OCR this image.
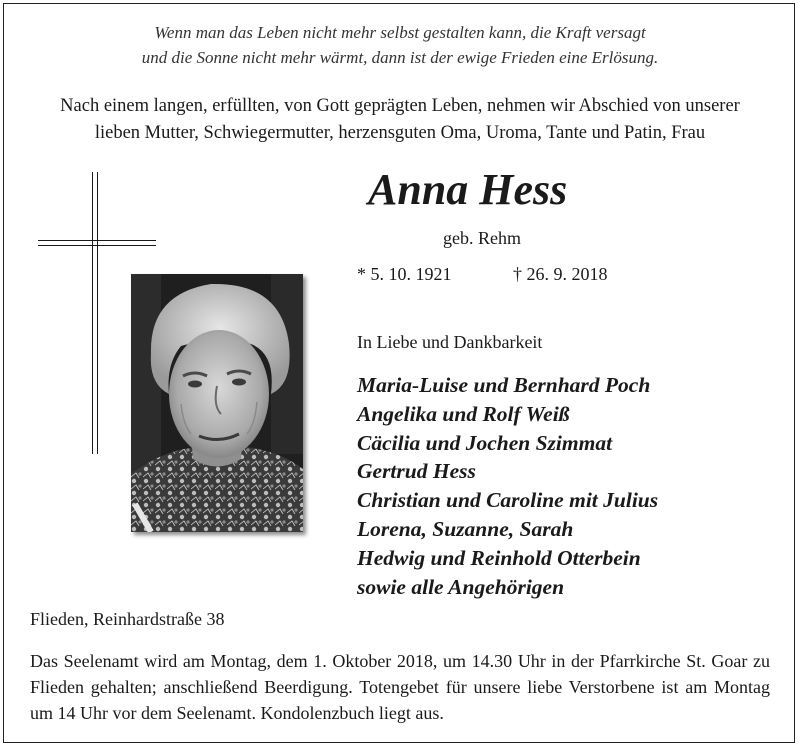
Wenn man das Leben nicht mehr selbst gestalten kann, die Kraft versagt
und die Sonne nicht mehr wärmt, dann ist der ewige Frieden eine Erlösung.
Nach einem langen, erfüllten, von Gott geprägten Leben, nehmen wir Abschied von unserer
lieben Mutter, Schwiegermutter, herzensguten Oma, Uroma, Tante und Patin, Frau
Anna Hess
geb. Rehm
* 5. 10. 1921	† 26. 9. 2018
In Liebe und Dankbarkeit
Maria-Luise und Bernhard Poch
Angelika und Rolf Weiß
Cäcilia und Jochen Szimmat
Gertrud Hess
Christian und Caroline mit Julius
Lorena, Suzanne, Sarah
Hedwig und Reinhold Otterbein
sowie alle Angehörigen
Flieden, Reinhardstraße 38
Das Seelenamt wird am Montag, dem 1. Oktober 2018, um 14.30 Uhr in der Pfarrkirche St. Goar zu Flieden gehalten; anschließend Beerdigung. Totengebet für unsere liebe Verstorbene ist am Montag um 14 Uhr vor dem Seelenamt. Kondolenzbuch liegt aus.
